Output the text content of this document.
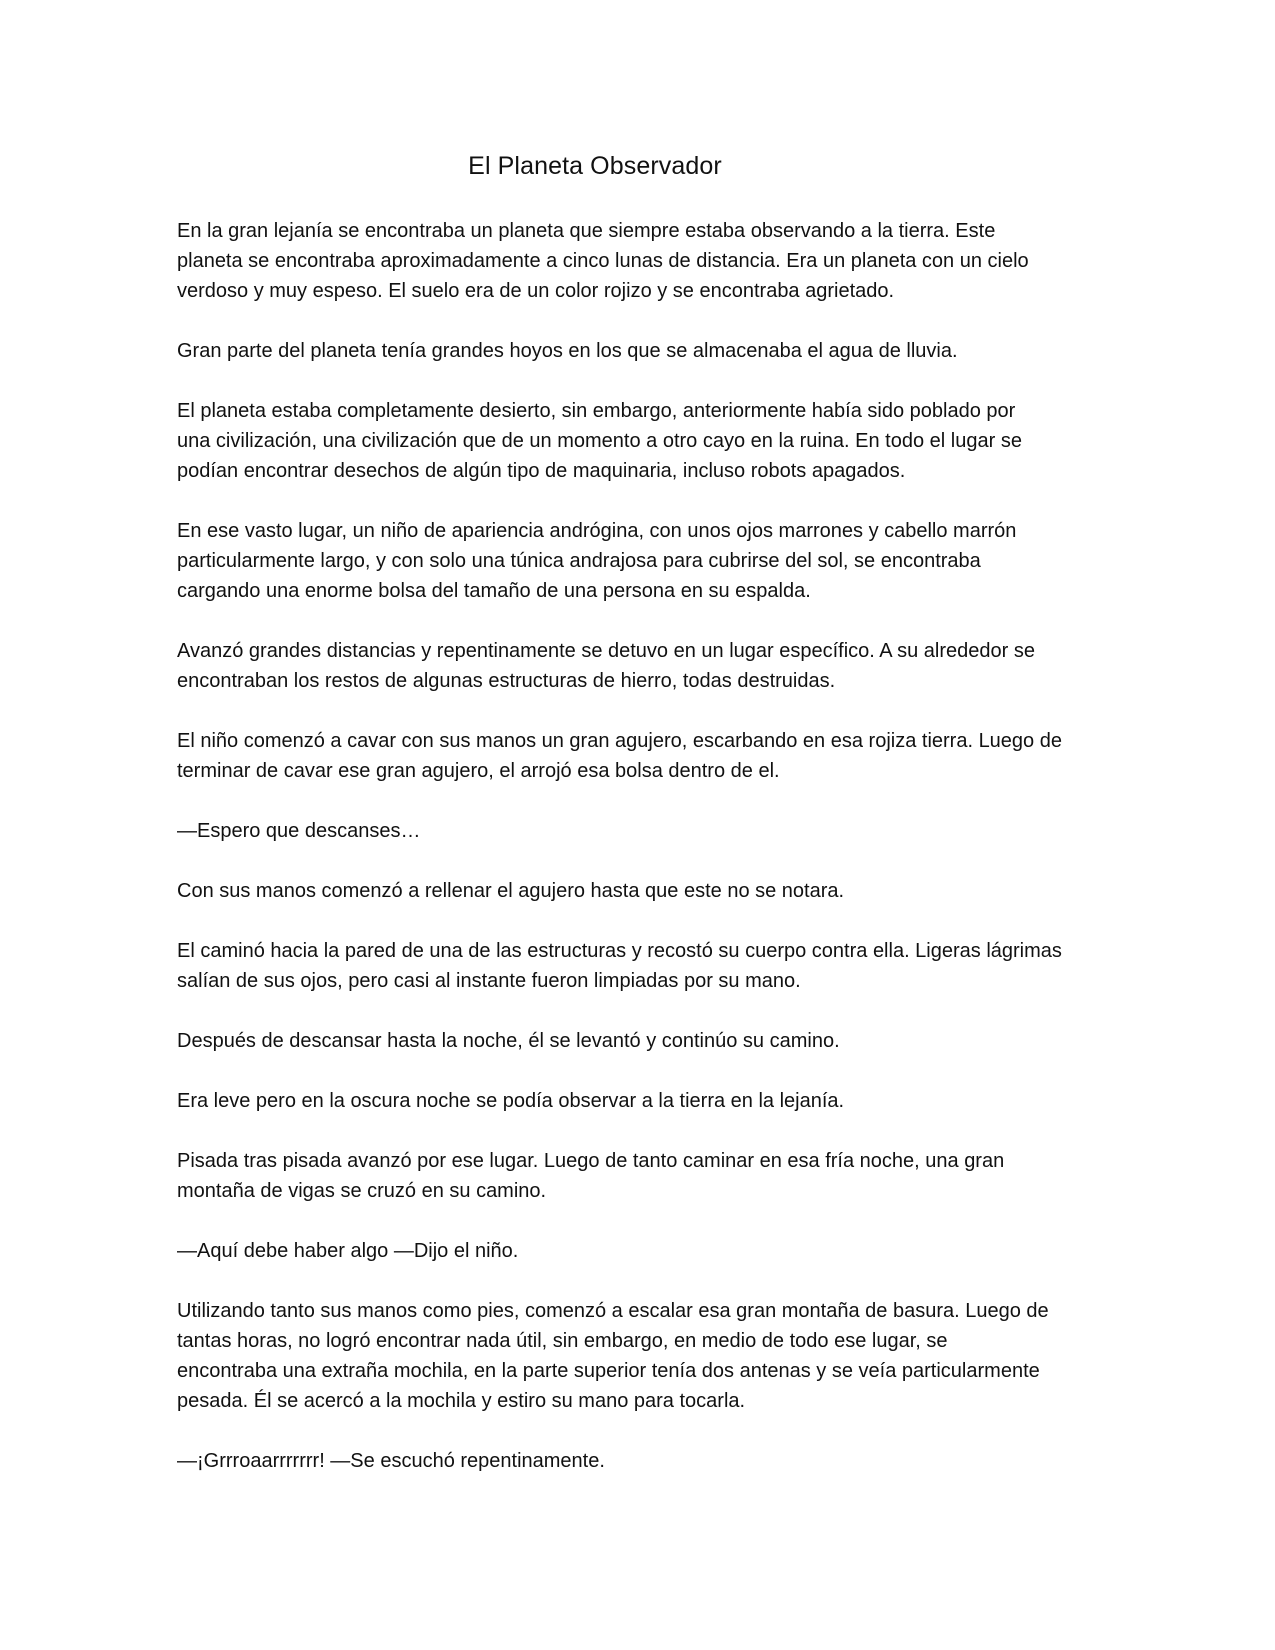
El Planeta Observador

En la gran lejanía se encontraba un planeta que siempre estaba observando a la tierra. Este
planeta se encontraba aproximadamente a cinco lunas de distancia. Era un planeta con un cielo
verdoso y muy espeso. El suelo era de un color rojizo y se encontraba agrietado.

Gran parte del planeta tenía grandes hoyos en los que se almacenaba el agua de lluvia.

El planeta estaba completamente desierto, sin embargo, anteriormente había sido poblado por
una civilización, una civilización que de un momento a otro cayo en la ruina. En todo el lugar se
podían encontrar desechos de algún tipo de maquinaria, incluso robots apagados.

En ese vasto lugar, un niño de apariencia andrógina, con unos ojos marrones y cabello marrón
particularmente largo, y con solo una túnica andrajosa para cubrirse del sol, se encontraba
cargando una enorme bolsa del tamaño de una persona en su espalda.

Avanzó grandes distancias y repentinamente se detuvo en un lugar específico. A su alrededor se
encontraban los restos de algunas estructuras de hierro, todas destruidas.

El niño comenzó a cavar con sus manos un gran agujero, escarbando en esa rojiza tierra. Luego de
terminar de cavar ese gran agujero, el arrojó esa bolsa dentro de el.

—Espero que descanses…

Con sus manos comenzó a rellenar el agujero hasta que este no se notara.

El caminó hacia la pared de una de las estructuras y recostó su cuerpo contra ella. Ligeras lágrimas
salían de sus ojos, pero casi al instante fueron limpiadas por su mano.

Después de descansar hasta la noche, él se levantó y continúo su camino.

Era leve pero en la oscura noche se podía observar a la tierra en la lejanía.

Pisada tras pisada avanzó por ese lugar. Luego de tanto caminar en esa fría noche, una gran
montaña de vigas se cruzó en su camino.

—Aquí debe haber algo —Dijo el niño.

Utilizando tanto sus manos como pies, comenzó a escalar esa gran montaña de basura. Luego de
tantas horas, no logró encontrar nada útil, sin embargo, en medio de todo ese lugar, se
encontraba una extraña mochila, en la parte superior tenía dos antenas y se veía particularmente
pesada. Él se acercó a la mochila y estiro su mano para tocarla.

—¡Grrroaarrrrrrr! —Se escuchó repentinamente.
